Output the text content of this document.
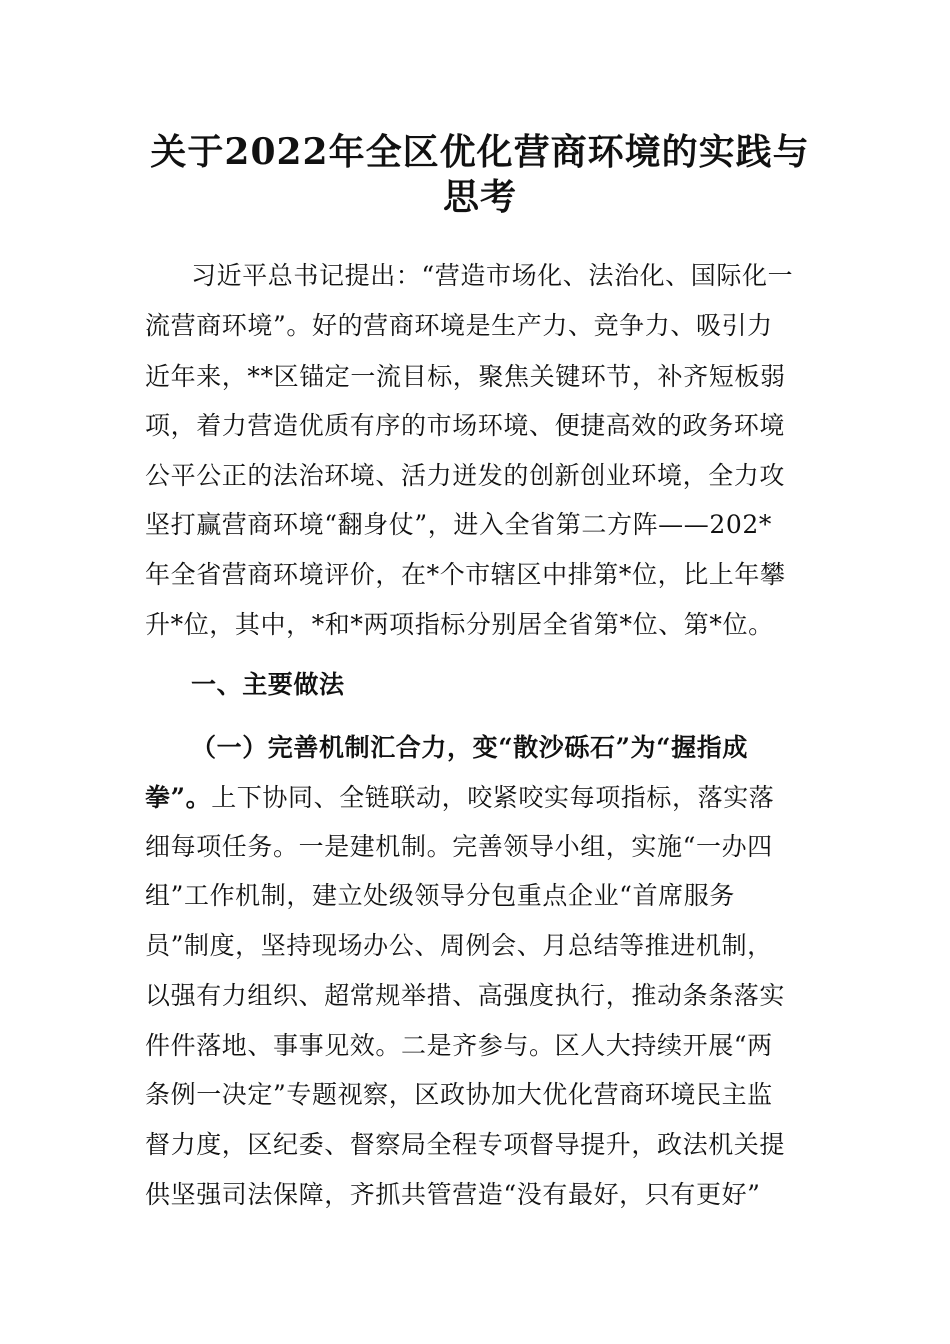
关于2022年全区优化营商环境的实践与
思考
习近平总书记提出：“营造市场化、法治化、国际化一
流营商环境”。好的营商环境是生产力、竞争力、吸引力
近年来，**区锚定一流目标，聚焦关键环节，补齐短板弱
项，着力营造优质有序的市场环境、便捷高效的政务环境
公平公正的法治环境、活力迸发的创新创业环境，全力攻
坚打赢营商环境“翻身仗”，进入全省第二方阵——202*
年全省营商环境评价，在*个市辖区中排第*位，比上年攀
升*位，其中，*和*两项指标分别居全省第*位、第*位。
一、主要做法
（一）完善机制汇合力，变“散沙砾石”为“握指成
拳”。上下协同、全链联动，咬紧咬实每项指标，落实落
细每项任务。一是建机制。完善领导小组，实施“一办四
组”工作机制，建立处级领导分包重点企业“首席服务
员”制度，坚持现场办公、周例会、月总结等推进机制，
以强有力组织、超常规举措、高强度执行，推动条条落实
件件落地、事事见效。二是齐参与。区人大持续开展“两
条例一决定”专题视察，区政协加大优化营商环境民主监
督力度，区纪委、督察局全程专项督导提升，政法机关提
供坚强司法保障，齐抓共管营造“没有最好，只有更好”
